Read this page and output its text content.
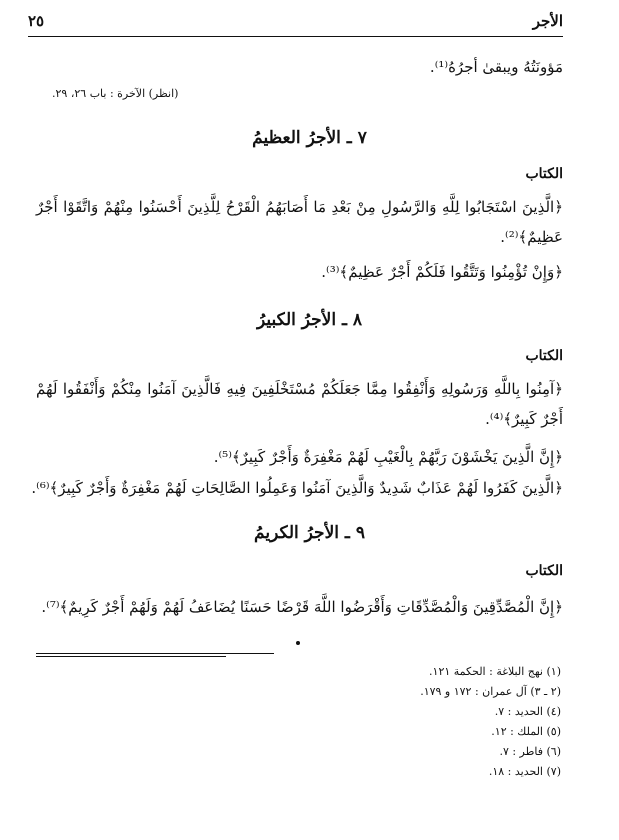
الأجر
٢٥
مَؤونَتُهُ ويبقىٰ أجرُهُ⁽¹⁾.
(انظر) الآخرة : باب ٢٦، ٢٩.
٧ ـ الأجرُ العظيمُ
الكتاب
﴿الَّذِينَ اسْتَجَابُوا لِلَّهِ وَالرَّسُولِ مِنْ بَعْدِ مَا أَصَابَهُمُ الْقَرْحُ لِلَّذِينَ أَحْسَنُوا مِنْهُمْ وَاتَّقَوْا أَجْرٌ عَظِيمٌ﴾⁽²⁾.
﴿وَإِنْ تُؤْمِنُوا وَتَتَّقُوا فَلَكُمْ أَجْرٌ عَظِيمٌ﴾⁽³⁾.
٨ ـ الأجرُ الكبيرُ
الكتاب
﴿آمِنُوا بِاللَّهِ وَرَسُولِهِ وَأَنْفِقُوا مِمَّا جَعَلَكُمْ مُسْتَخْلَفِينَ فِيهِ فَالَّذِينَ آمَنُوا مِنْكُمْ وَأَنْفَقُوا لَهُمْ أَجْرٌ كَبِيرٌ﴾⁽⁴⁾.
﴿إِنَّ الَّذِينَ يَخْشَوْنَ رَبَّهُمْ بِالْغَيْبِ لَهُمْ مَغْفِرَةٌ وَأَجْرٌ كَبِيرٌ﴾⁽⁵⁾.
﴿الَّذِينَ كَفَرُوا لَهُمْ عَذَابٌ شَدِيدٌ وَالَّذِينَ آمَنُوا وَعَمِلُوا الصَّالِحَاتِ لَهُمْ مَغْفِرَةٌ وَأَجْرٌ كَبِيرٌ﴾⁽⁶⁾.
٩ ـ الأجرُ الكريمُ
الكتاب
﴿إِنَّ الْمُصَّدِّقِينَ وَالْمُصَّدِّقَاتِ وَأَقْرَضُوا اللَّهَ قَرْضًا حَسَنًا يُضَاعَفُ لَهُمْ وَلَهُمْ أَجْرٌ كَرِيمٌ﴾⁽⁷⁾.
(١) نهج البلاغة : الحكمة ١٢١.
(٢ ـ ٣) آل عمران : ١٧٢ و ١٧٩.
(٤) الحديد : ٧.
(٥) الملك : ١٢.
(٦) فاطر : ٧.
(٧) الحديد : ١٨.
